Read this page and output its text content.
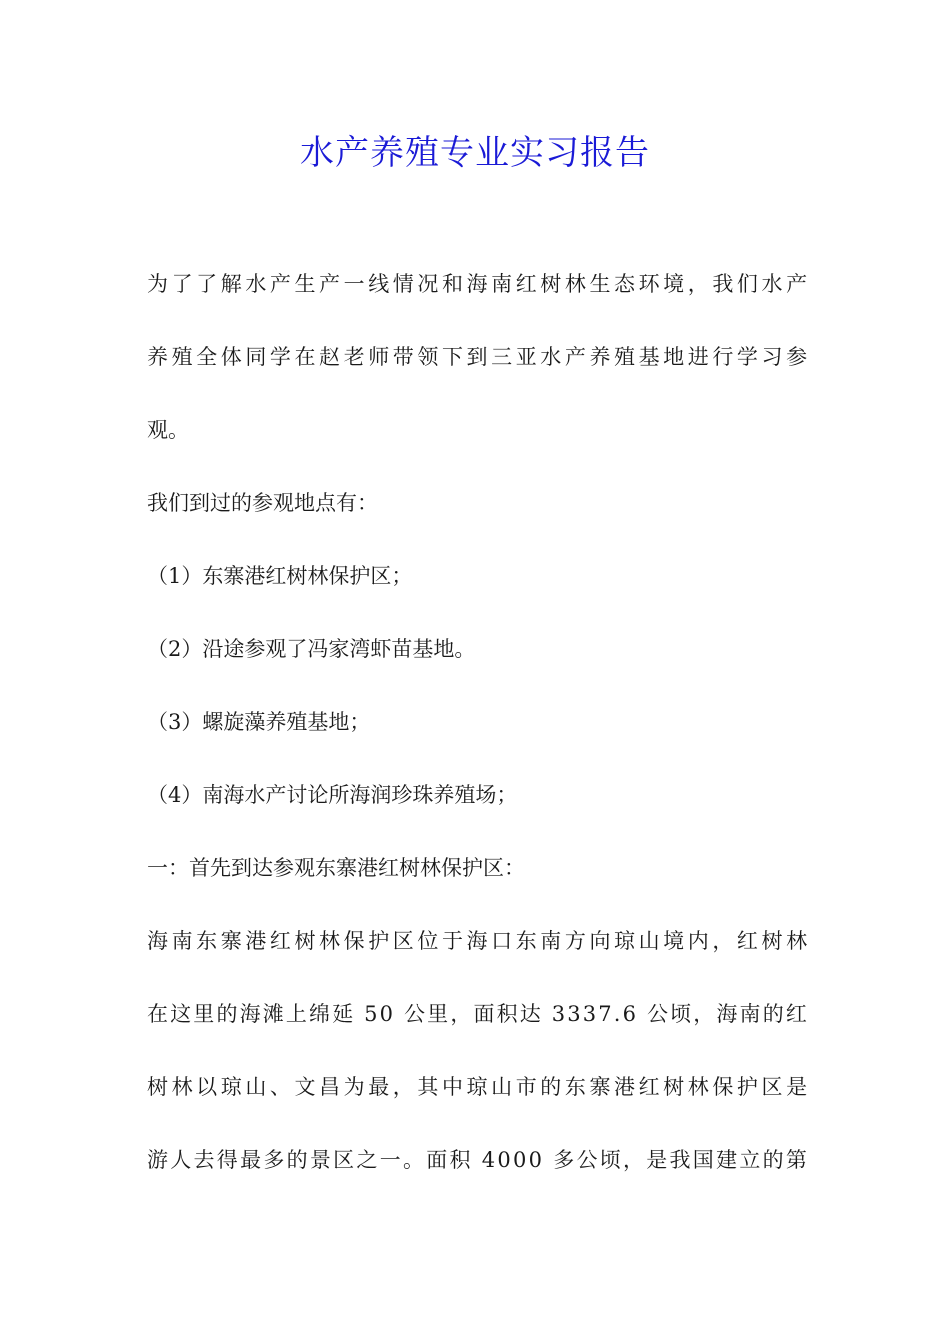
水产养殖专业实习报告
为了了解水产生产一线情况和海南红树林生态环境，我们水产
养殖全体同学在赵老师带领下到三亚水产养殖基地进行学习参
观。
我们到过的参观地点有：
（1）东寨港红树林保护区；
（2）沿途参观了冯家湾虾苗基地。
（3）螺旋藻养殖基地；
（4）南海水产讨论所海润珍珠养殖场；
一：首先到达参观东寨港红树林保护区：
海南东寨港红树林保护区位于海口东南方向琼山境内，红树林
在这里的海滩上绵延 50 公里，面积达 3337.6 公顷，海南的红
树林以琼山、文昌为最，其中琼山市的东寨港红树林保护区是
游人去得最多的景区之一。面积 4000 多公顷，是我国建立的第
